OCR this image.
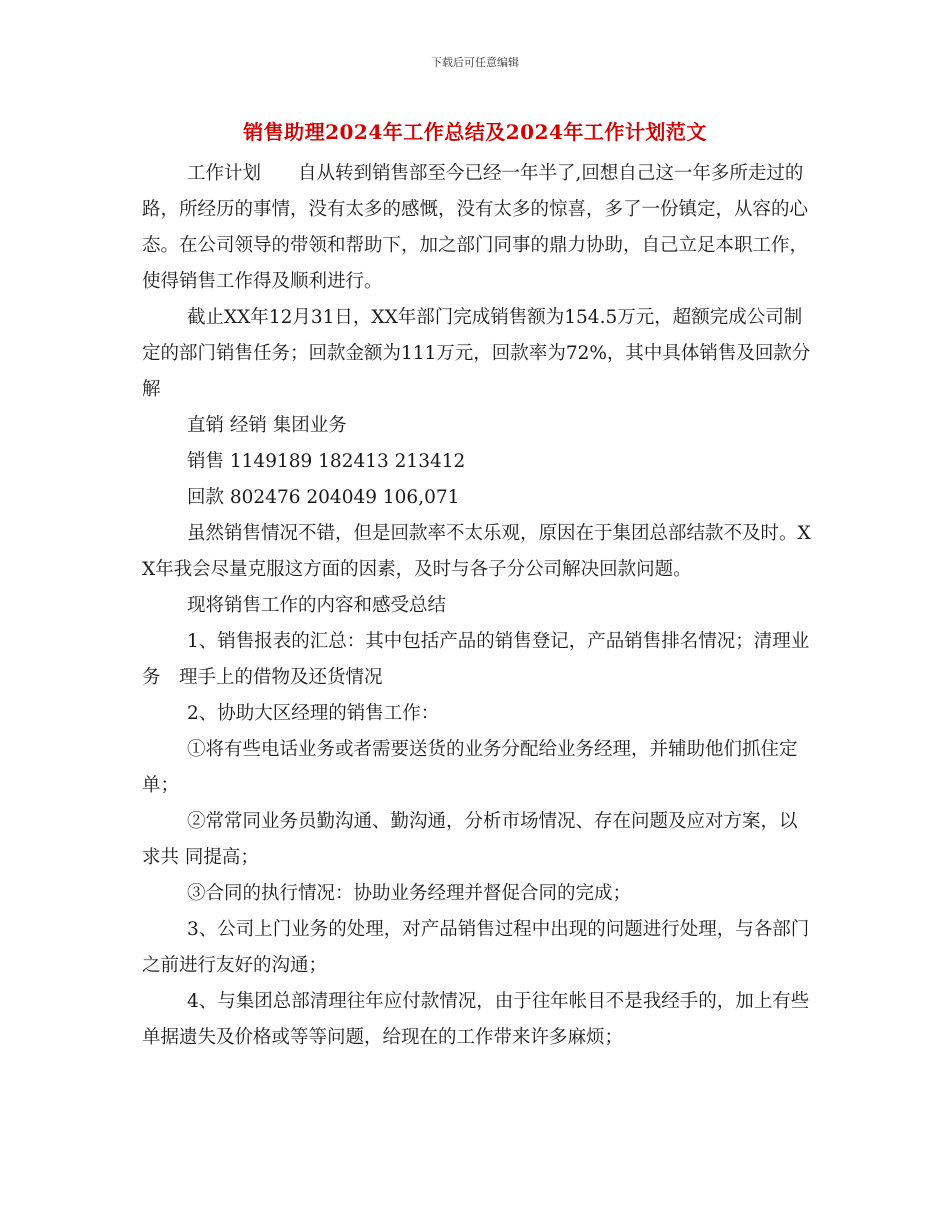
下载后可任意编辑
销售助理2024年工作总结及2024年工作计划范文

工作计划　　自从转到销售部至今已经一年半了,回想自己这一年多所走过的路，所经历的事情，没有太多的感慨，没有太多的惊喜，多了一份镇定，从容的心态。在公司领导的带领和帮助下，加之部门同事的鼎力协助，自己立足本职工作，使得销售工作得及顺利进行。

截止XX年12月31日，XX年部门完成销售额为154.5万元，超额完成公司制定的部门销售任务；回款金额为111万元，回款率为72%，其中具体销售及回款分解

直销 经销 集团业务

销售 1149189 182413 213412

回款 802476 204049 106,071

虽然销售情况不错，但是回款率不太乐观，原因在于集团总部结款不及时。XX年我会尽量克服这方面的因素，及时与各子分公司解决回款问题。

现将销售工作的内容和感受总结

1、销售报表的汇总：其中包括产品的销售登记，产品销售排名情况；清理业务　理手上的借物及还货情况

2、协助大区经理的销售工作：

①将有些电话业务或者需要送货的业务分配给业务经理，并辅助他们抓住定单；

②常常同业务员勤沟通、勤沟通，分析市场情况、存在问题及应对方案，以求共 同提高；

③合同的执行情况：协助业务经理并督促合同的完成；

3、公司上门业务的处理，对产品销售过程中出现的问题进行处理，与各部门之前进行友好的沟通；

4、与集团总部清理往年应付款情况，由于往年帐目不是我经手的，加上有些单据遗失及价格或等等问题，给现在的工作带来许多麻烦；
